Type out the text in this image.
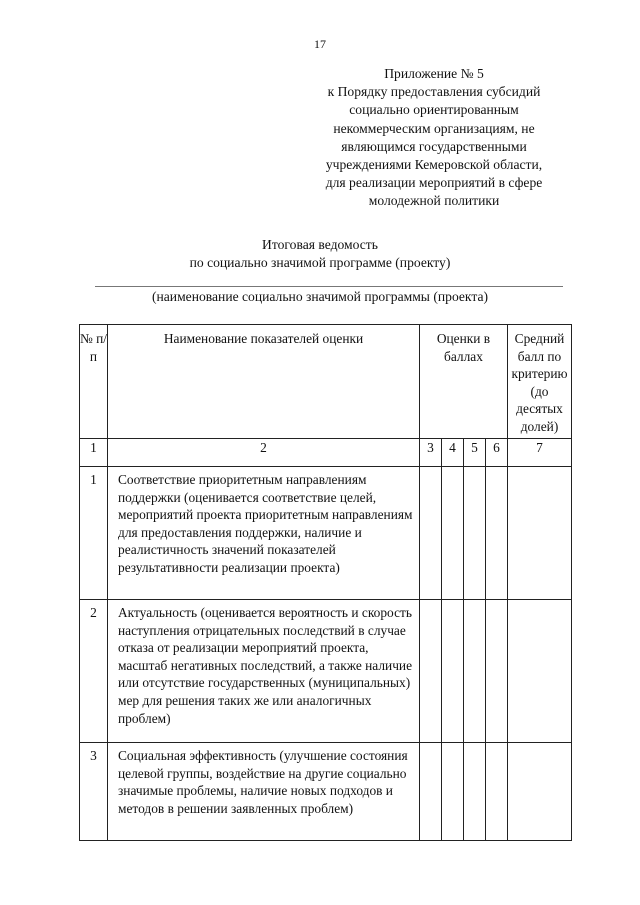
17
Приложение № 5
к Порядку предоставления субсидий
социально ориентированным
некоммерческим организациям, не
являющимся государственными
учреждениями Кемеровской области,
для реализации мероприятий в сфере
молодежной политики
Итоговая ведомость
по социально значимой программе (проекту)
(наименование социально значимой программы (проекта)
№ п/п	Наименование показателей оценки	Оценки в баллах				Средний балл по критерию (до десятых долей)
1	2	3	4	5	6	7
1	Соответствие приоритетным направлениям поддержки (оценивается соответствие целей, мероприятий проекта приоритетным направлениям для предоставления поддержки, наличие и реалистичность значений показателей результативности реализации проекта)					
2	Актуальность (оценивается вероятность и скорость наступления отрицательных последствий в случае отказа от реализации мероприятий проекта, масштаб негативных последствий, а также наличие или отсутствие государственных (муниципальных) мер для решения таких же или аналогичных проблем)					
3	Социальная эффективность (улучшение состояния целевой группы, воздействие на другие социально значимые проблемы, наличие новых подходов и методов в решении заявленных проблем)					
